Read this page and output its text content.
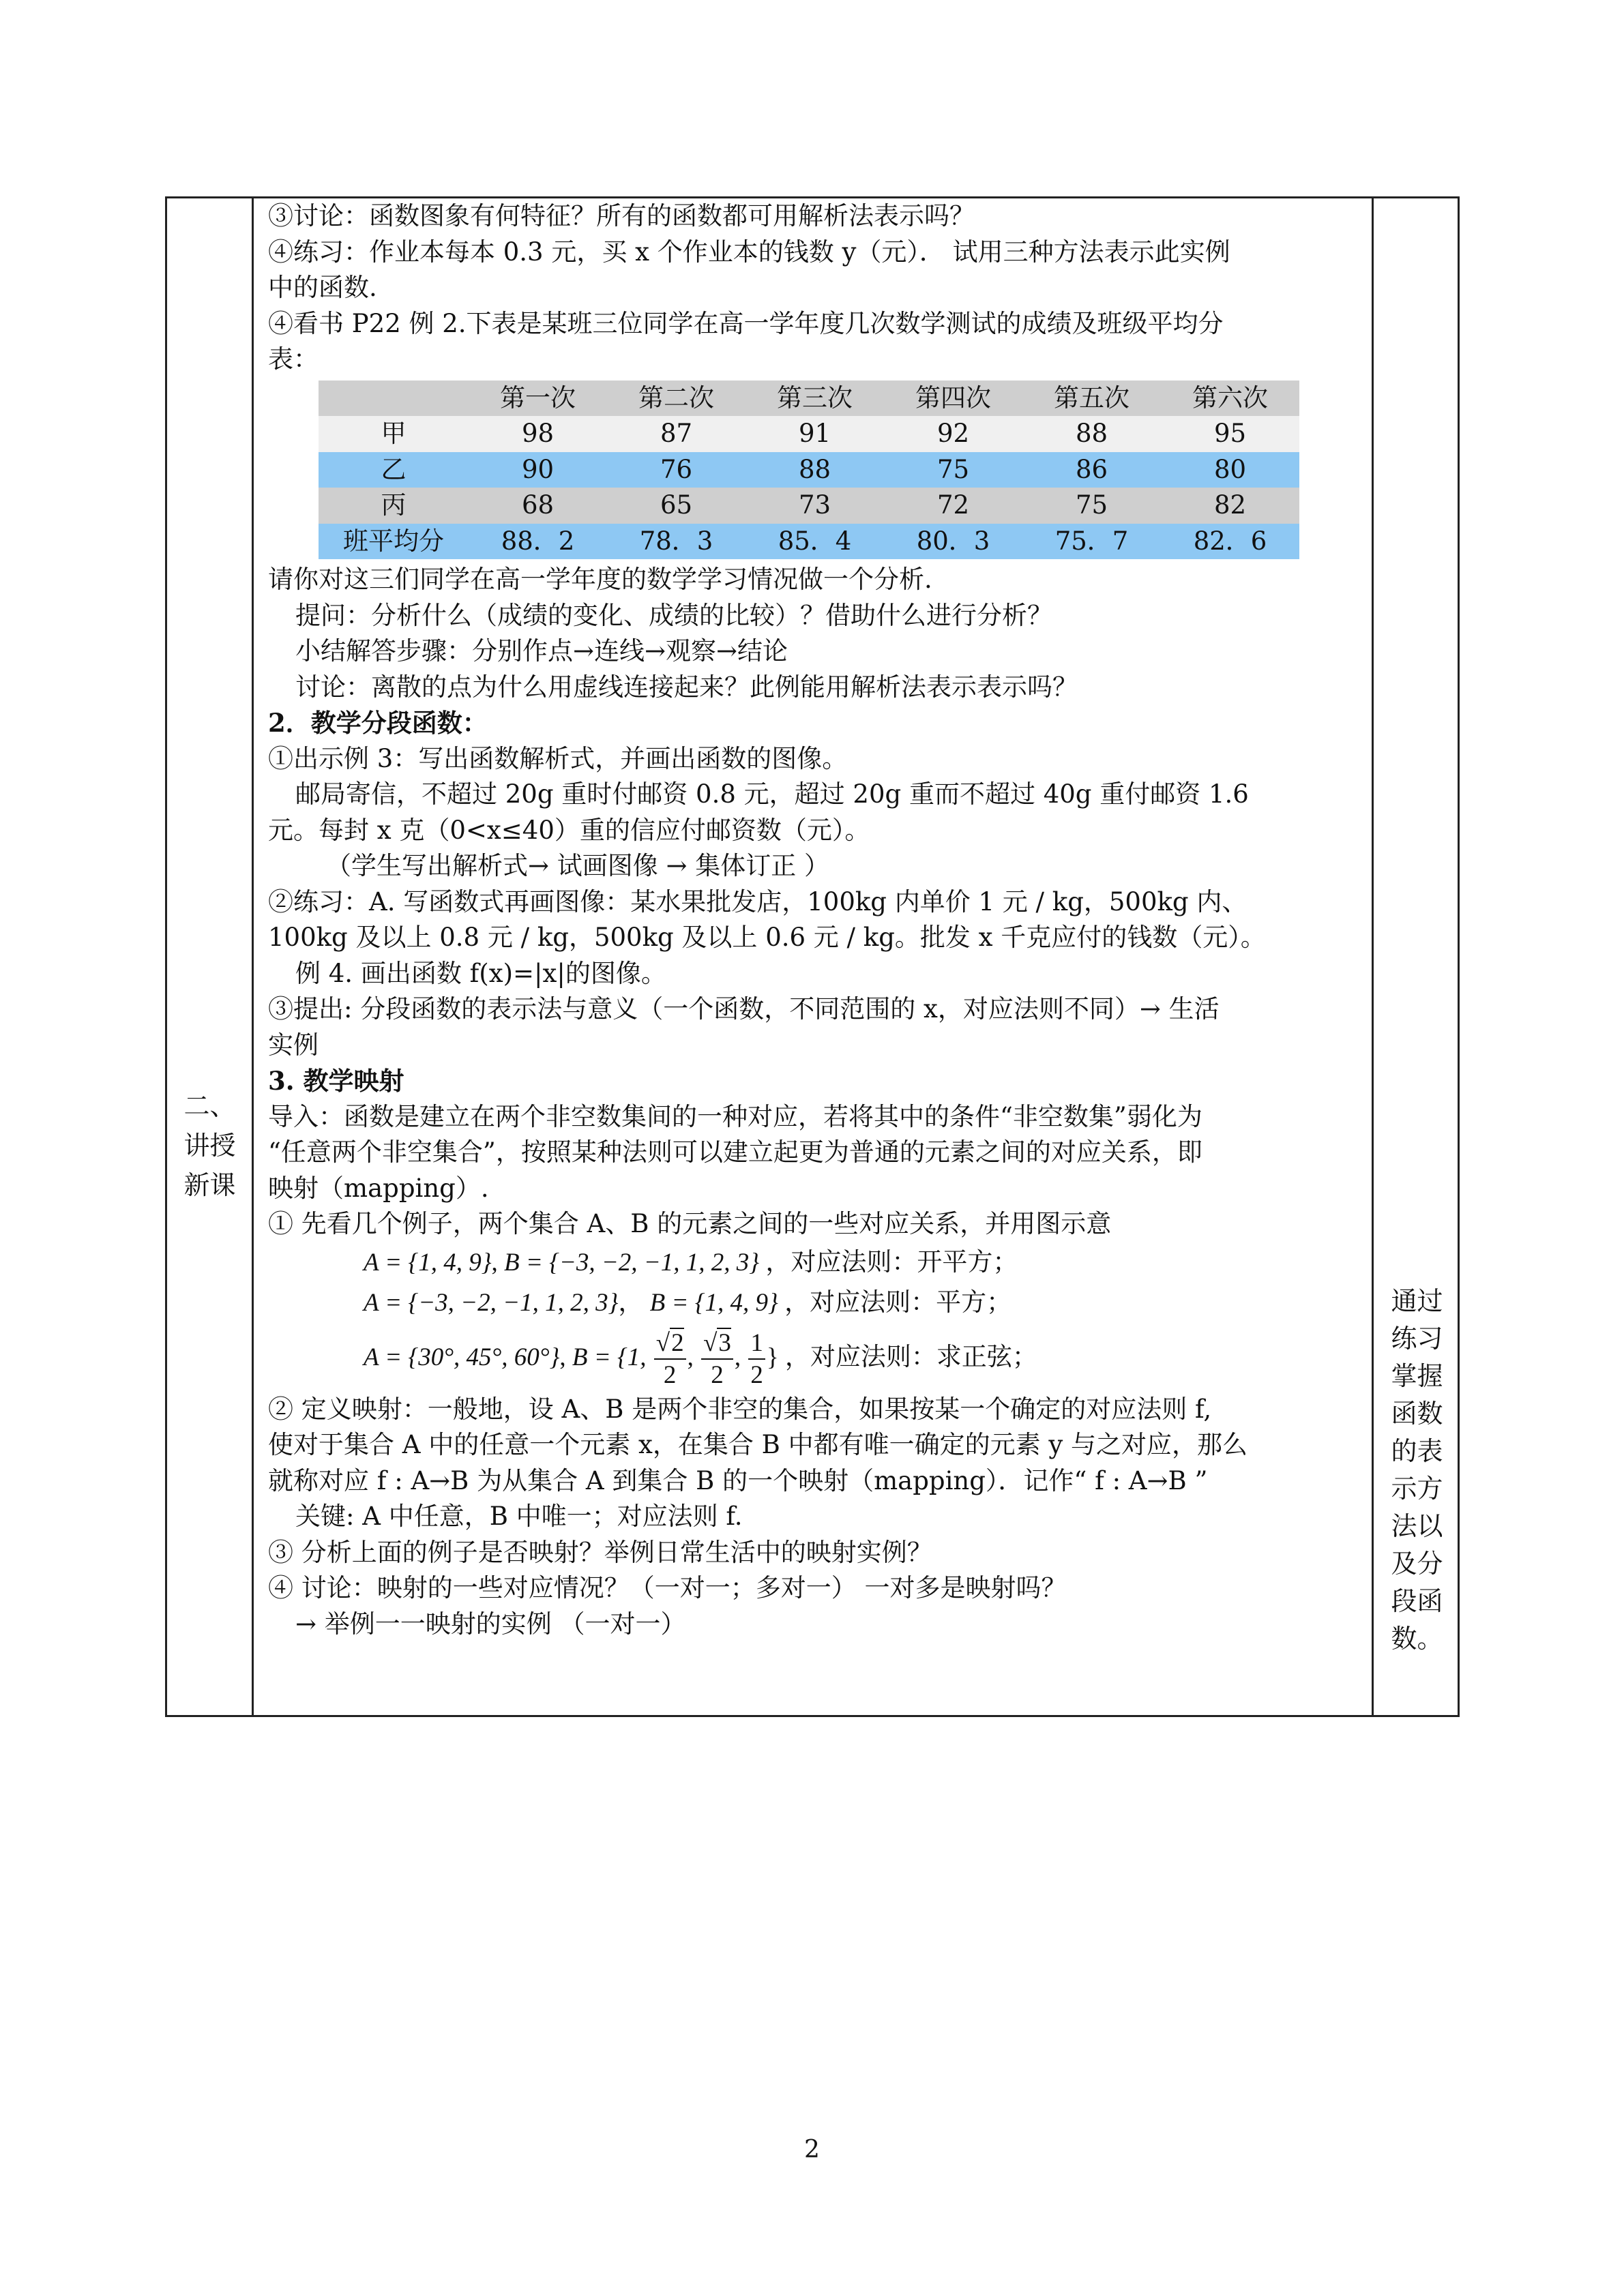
二、
讲授
新课
通过
练习
掌握
函数
的表
示方
法以
及分
段函
数。

③讨论：函数图象有何特征？所有的函数都可用解析法表示吗？

④练习：作业本每本 0.3 元，买 x 个作业本的钱数 y（元）． 试用三种方法表示此实例

中的函数.

④看书 P22 例 2.下表是某班三位同学在高一学年度几次数学测试的成绩及班级平均分

表：

	第一次	第二次	第三次	第四次	第五次	第六次
甲	98	87	91	92	88	95
乙	90	76	88	75	86	80
丙	68	65	73	72	75	82
班平均分	88．2	78．3	85．4	80．3	75．7	82．6

请你对这三们同学在高一学年度的数学学习情况做一个分析.

提问：分析什么（成绩的变化、成绩的比较）？借助什么进行分析？

小结解答步骤：分别作点→连线→观察→结论

讨论：离散的点为什么用虚线连接起来？此例能用解析法表示表示吗？

2．教学分段函数：

①出示例 3：写出函数解析式，并画出函数的图像。

邮局寄信，不超过 20g 重时付邮资 0.8 元，超过 20g 重而不超过 40g 重付邮资 1.6

元。每封 x 克（0<x≤40）重的信应付邮资数（元）。

（学生写出解析式→ 试画图像 → 集体订正 ）

②练习：A. 写函数式再画图像：某水果批发店，100kg 内单价 1 元 / kg，500kg 内、

100kg 及以上 0.8 元 / kg，500kg 及以上 0.6 元 / kg。批发 x 千克应付的钱数（元）。

例 4. 画出函数 f(x)=|x|的图像。

③提出: 分段函数的表示法与意义（一个函数，不同范围的 x，对应法则不同）→ 生活

实例

3. 教学映射

导入：函数是建立在两个非空数集间的一种对应，若将其中的条件“非空数集”弱化为

“任意两个非空集合”，按照某种法则可以建立起更为普通的元素之间的对应关系，即

映射（mapping）.

① 先看几个例子，两个集合 A、B 的元素之间的一些对应关系，并用图示意

A = {1, 4, 9}, B = {−3, −2, −1, 1, 2, 3} ，对应法则：开平方；

A = {−3, −2, −1, 1, 2, 3}， B = {1, 4, 9} ，对应法则：平方；

A = {30°, 45°, 60°}, B = {1, $\frac{√2}{2}$ , $\frac{√3}{2}$ , $\frac{1}{2}$ } ，对应法则：求正弦；

② 定义映射：一般地，设 A、B 是两个非空的集合，如果按某一个确定的对应法则 f,

使对于集合 A 中的任意一个元素 x，在集合 B 中都有唯一确定的元素 y 与之对应，那么

就称对应 f : A→B 为从集合 A 到集合 B 的一个映射（mapping）．记作“ f : A→B ”

关键: A 中任意，B 中唯一；对应法则 f.

③ 分析上面的例子是否映射？举例日常生活中的映射实例？

④ 讨论：映射的一些对应情况？（一对一；多对一） 一对多是映射吗？

→ 举例一一映射的实例 （一对一）

2
